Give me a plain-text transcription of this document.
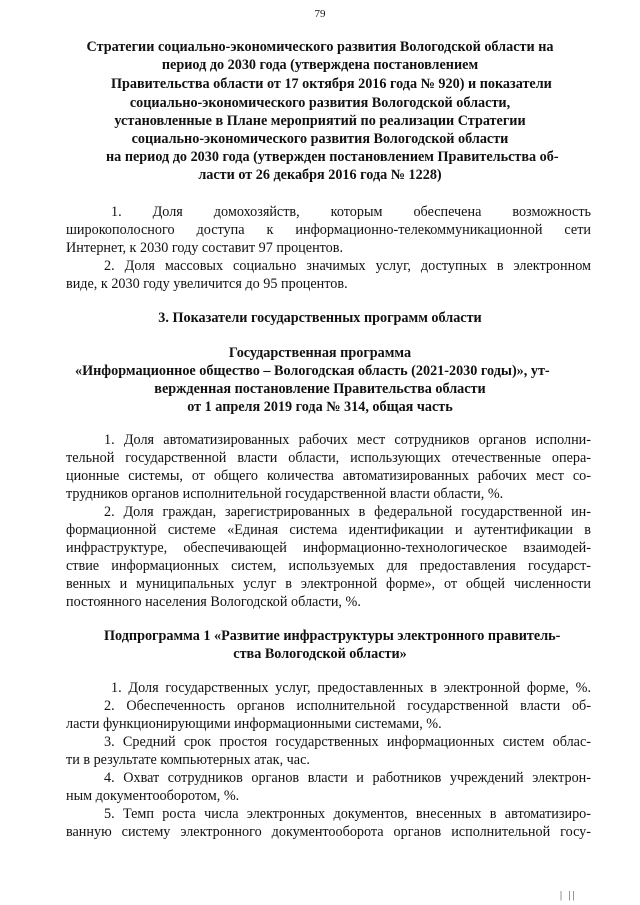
79
Стратегии социально-экономического развития Вологодской области на
период до 2030 года (утверждена постановлением
Правительства области от 17 октября 2016 года № 920) и показатели
социально-экономического развития Вологодской области,
установленные в Плане мероприятий по реализации Стратегии
социально-экономического развития Вологодской области
на период до 2030 года (утвержден постановлением Правительства об-
ласти от 26 декабря 2016 года № 1228)
1. Доля домохозяйств, которым обеспечена возможность
широкополосного доступа к информационно-телекоммуникационной сети
Интернет, к 2030 году составит 97 процентов.
2. Доля массовых социально значимых услуг, доступных в электронном
виде, к 2030 году увеличится до 95 процентов.
3. Показатели государственных программ области
Государственная программа
«Информационное общество – Вологодская область (2021-2030 годы)», ут-
вержденная постановление Правительства области
от 1 апреля 2019 года № 314, общая часть
1. Доля автоматизированных рабочих мест сотрудников органов исполни-
тельной государственной власти области, использующих отечественные опера-
ционные системы, от общего количества автоматизированных рабочих мест со-
трудников органов исполнительной государственной власти области, %.
2. Доля граждан, зарегистрированных в федеральной государственной ин-
формационной системе «Единая система идентификации и аутентификации в
инфраструктуре, обеспечивающей информационно-технологическое взаимодей-
ствие информационных систем, используемых для предоставления государст-
венных и муниципальных услуг в электронной форме», от общей численности
постоянного населения Вологодской области, %.
Подпрограмма 1 «Развитие инфраструктуры электронного правитель-
ства Вологодской области»
1. Доля государственных услуг, предоставленных в электронной форме, %.
2. Обеспеченность органов исполнительной государственной власти об-
ласти функционирующими информационными системами, %.
3. Средний срок простоя государственных информационных систем облас-
ти в результате компьютерных атак, час.
4. Охват сотрудников органов власти и работников учреждений электрон-
ным документооборотом, %.
5. Темп роста числа электронных документов, внесенных в автоматизиро-
ванную систему электронного документооборота органов исполнительной госу-
| ||
